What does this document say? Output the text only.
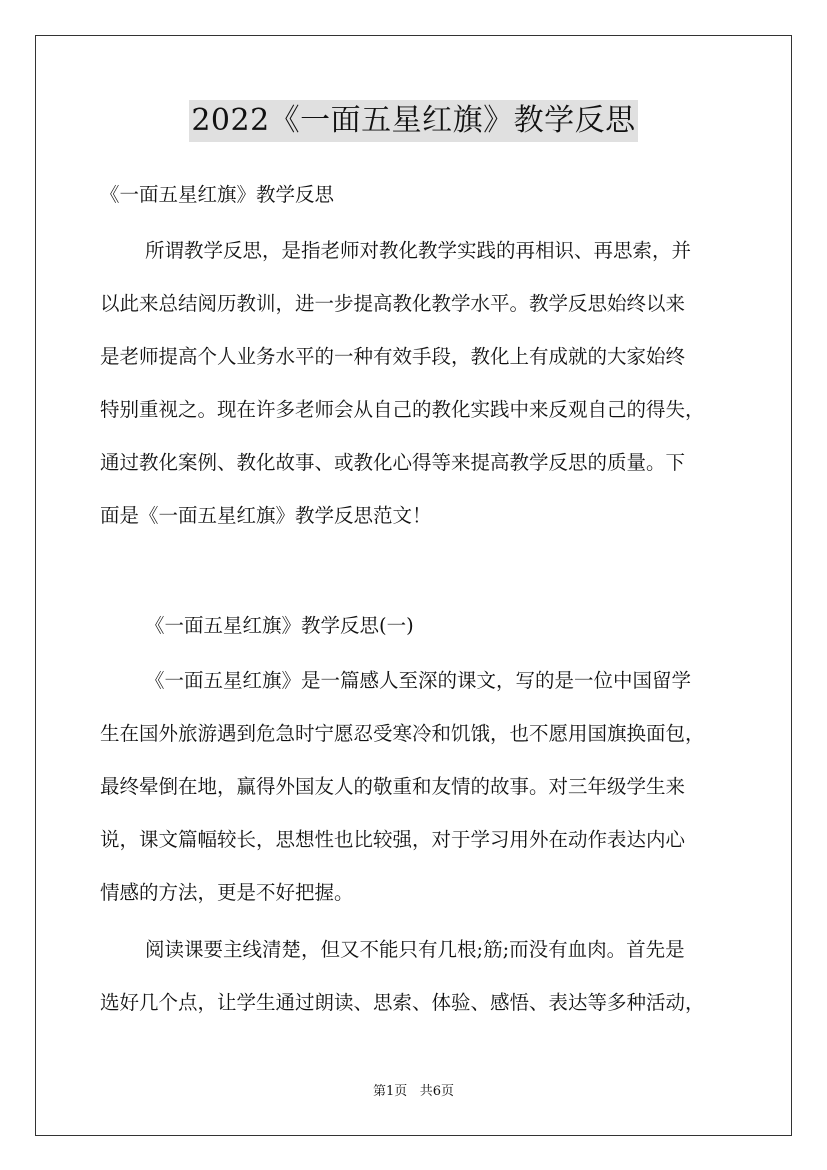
2022《一面五星红旗》教学反思
《一面五星红旗》教学反思
所谓教学反思，是指老师对教化教学实践的再相识、再思索，并
以此来总结阅历教训，进一步提高教化教学水平。教学反思始终以来
是老师提高个人业务水平的一种有效手段，教化上有成就的大家始终
特别重视之。现在许多老师会从自己的教化实践中来反观自己的得失，
通过教化案例、教化故事、或教化心得等来提高教学反思的质量。下
面是《一面五星红旗》教学反思范文！
《一面五星红旗》教学反思(一)
《一面五星红旗》是一篇感人至深的课文，写的是一位中国留学
生在国外旅游遇到危急时宁愿忍受寒冷和饥饿，也不愿用国旗换面包，
最终晕倒在地，赢得外国友人的敬重和友情的故事。对三年级学生来
说，课文篇幅较长，思想性也比较强，对于学习用外在动作表达内心
情感的方法，更是不好把握。
阅读课要主线清楚，但又不能只有几根;筋;而没有血肉。首先是
选好几个点，让学生通过朗读、思索、体验、感悟、表达等多种活动，
第1页 共6页
